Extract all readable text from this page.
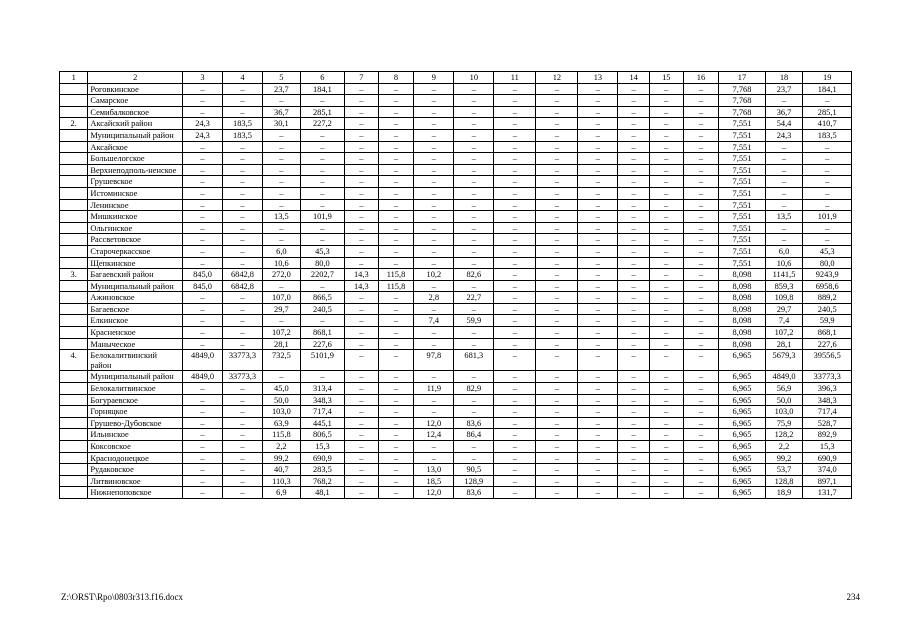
1	2	3	4	5	6	7	8	9	10	11	12	13	14	15	16	17	18	19
	Роговкинское	–	–	23,7	184,1	–	–	–	–	–	–	–	–	–	–	7,768	23,7	184,1
	Самарское	–	–	–	–	–	–	–	–	–	–	–	–	–	–	7,768	–	–
	Семибалковское	–	–	36,7	285,1	–	–	–	–	–	–	–	–	–	–	7,768	36,7	285,1
2.	Аксайский район	24,3	183,5	30,1	227,2	–	–	–	–	–	–	–	–	–	–	7,551	54,4	410,7
	Муниципальный район	24,3	183,5	–	–	–	–	–	–	–	–	–	–	–	–	7,551	24,3	183,5
	Аксайское	–	–	–	–	–	–	–	–	–	–	–	–	–	–	7,551	–	–
	Большелогское	–	–	–	–	–	–	–	–	–	–	–	–	–	–	7,551	–	–
	Верхнеподполь-ненское	–	–	–	–	–	–	–	–	–	–	–	–	–	–	7,551	–	–
	Грушевское	–	–	–	–	–	–	–	–	–	–	–	–	–	–	7,551	–	–
	Истоминское	–	–	–	–	–	–	–	–	–	–	–	–	–	–	7,551	–	–
	Ленинское	–	–	–	–	–	–	–	–	–	–	–	–	–	–	7,551	–	–
	Мишкинское	–	–	13,5	101,9	–	–	–	–	–	–	–	–	–	–	7,551	13,5	101,9
	Ольгинское	–	–	–	–	–	–	–	–	–	–	–	–	–	–	7,551	–	–
	Рассветовское	–	–	–	–	–	–	–	–	–	–	–	–	–	–	7,551	–	–
	Старочеркасское	–	–	6,0	45,3	–	–	–	–	–	–	–	–	–	–	7,551	6,0	45,3
	Щепкинское	–	–	10,6	80,0	–	–	–	–	–	–	–	–	–	–	7,551	10,6	80,0
3.	Багаевский район	845,0	6842,8	272,0	2202,7	14,3	115,8	10,2	82,6	–	–	–	–	–	–	8,098	1141,5	9243,9
	Муниципальный район	845,0	6842,8	–	–	14,3	115,8	–	–	–	–	–	–	–	–	8,098	859,3	6958,6
	Ажиновское	–	–	107,0	866,5	–	–	2,8	22,7	–	–	–	–	–	–	8,098	109,8	889,2
	Багаевское	–	–	29,7	240,5	–	–	–	–	–	–	–	–	–	–	8,098	29,7	240,5
	Елкинское	–	–	–	–	–	–	7,4	59,9	–	–	–	–	–	–	8,098	7,4	59,9
	Красненское	–	–	107,2	868,1	–	–	–	–	–	–	–	–	–	–	8,098	107,2	868,1
	Маныческое	–	–	28,1	227,6	–	–	–	–	–	–	–	–	–	–	8,098	28,1	227,6
4.	Белокалитвинский район	4849,0	33773,3	732,5	5101,9	–	–	97,8	681,3	–	–	–	–	–	–	6,965	5679,3	39556,5
	Муниципальный район	4849,0	33773,3	–	–	–	–	–	–	–	–	–	–	–	–	6,965	4849,0	33773,3
	Белокалитвинское	–	–	45,0	313,4	–	–	11,9	82,9	–	–	–	–	–	–	6,965	56,9	396,3
	Богураевское	–	–	50,0	348,3	–	–	–	–	–	–	–	–	–	–	6,965	50,0	348,3
	Горняцкое	–	–	103,0	717,4	–	–	–	–	–	–	–	–	–	–	6,965	103,0	717,4
	Грушево-Дубовское	–	–	63,9	445,1	–	–	12,0	83,6	–	–	–	–	–	–	6,965	75,9	528,7
	Ильинское	–	–	115,8	806,5	–	–	12,4	86,4	–	–	–	–	–	–	6,965	128,2	892,9
	Коксовское	–	–	2,2	15,3	–	–	–	–	–	–	–	–	–	–	6,965	2,2	15,3
	Краснодонецкое	–	–	99,2	690,9	–	–	–	–	–	–	–	–	–	–	6,965	99,2	690,9
	Рудаковское	–	–	40,7	283,5	–	–	13,0	90,5	–	–	–	–	–	–	6,965	53,7	374,0
	Литвиновское	–	–	110,3	768,2	–	–	18,5	128,9	–	–	–	–	–	–	6,965	128,8	897,1
	Нижнепоповское	–	–	6,9	48,1	–	–	12,0	83,6	–	–	–	–	–	–	6,965	18,9	131,7
Z:\ORST\Rpo\0803r313.f16.docx	234
